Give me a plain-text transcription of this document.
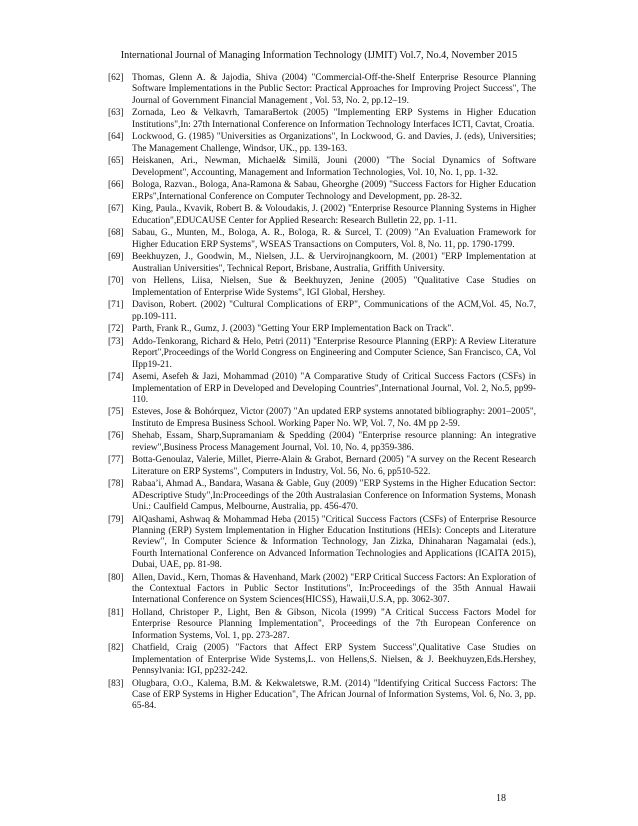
International Journal of Managing Information Technology (IJMIT) Vol.7, No.4, November 2015
[62] Thomas, Glenn A. & Jajodia, Shiva (2004) "Commercial-Off-the-Shelf Enterprise Resource Planning Software Implementations in the Public Sector: Practical Approaches for Improving Project Success", The Journal of Government Financial Management , Vol. 53, No. 2, pp.12–19.
[63] Zornada, Leo & Velkavrh, TamaraBertok (2005) "Implementing ERP Systems in Higher Education Institutions",In: 27th International Conference on Information Technology Interfaces ICTI, Cavtat, Croatia.
[64] Lockwood, G. (1985) "Universities as Organizations", In Lockwood, G. and Davies, J. (eds), Universities; The Management Challenge, Windsor, UK., pp. 139-163.
[65] Heiskanen, Ari., Newman, Michael& Similä, Jouni (2000) "The Social Dynamics of Software Development", Accounting, Management and Information Technologies, Vol. 10, No. 1, pp. 1-32.
[66] Bologa, Razvan., Bologa, Ana-Ramona & Sabau, Gheorghe (2009) "Success Factors for Higher Education ERPs",International Conference on Computer Technology and Development, pp. 28-32.
[67] King, Paula., Kvavik, Robert B. & Voloudakis, J. (2002) "Enterprise Resource Planning Systems in Higher Education",EDUCAUSE Center for Applied Research: Research Bulletin 22, pp. 1-11.
[68] Sabau, G., Munten, M., Bologa, A. R., Bologa, R. & Surcel, T. (2009) "An Evaluation Framework for Higher Education ERP Systems", WSEAS Transactions on Computers, Vol. 8, No. 11, pp. 1790-1799.
[69] Beekhuyzen, J., Goodwin, M., Nielsen, J.L. & Uervirojnangkoorn, M. (2001) "ERP Implementation at Australian Universities", Technical Report, Brisbane, Australia, Griffith University.
[70] von Hellens, Liisa, Nielsen, Sue & Beekhuyzen, Jenine (2005) "Qualitative Case Studies on Implementation of Enterprise Wide Systems", IGI Global, Hershey.
[71] Davison, Robert. (2002) "Cultural Complications of ERP", Communications of the ACM,Vol. 45, No.7, pp.109-111.
[72] Parth, Frank R., Gumz, J. (2003) "Getting Your ERP Implementation Back on Track".
[73] Addo-Tenkorang, Richard & Helo, Petri (2011) "Enterprise Resource Planning (ERP): A Review Literature Report",Proceedings of the World Congress on Engineering and Computer Science, San Francisco, CA, Vol IIpp19-21.
[74] Asemi, Asefeh & Jazi, Mohammad (2010) "A Comparative Study of Critical Success Factors (CSFs) in Implementation of ERP in Developed and Developing Countries",International Journal, Vol. 2, No.5, pp99-110.
[75] Esteves, Jose & Bohórquez, Victor (2007) "An updated ERP systems annotated bibliography: 2001–2005", Instituto de Empresa Business School. Working Paper No. WP, Vol. 7, No. 4M pp 2-59.
[76] Shehab, Essam, Sharp,Supramaniam & Spedding (2004) "Enterprise resource planning: An integrative review",Business Process Management Journal, Vol. 10, No. 4, pp359-386.
[77] Botta-Genoulaz, Valerie, Millet, Pierre-Alain & Grabot, Bernard (2005) "A survey on the Recent Research Literature on ERP Systems", Computers in Industry, Vol. 56, No. 6, pp510-522.
[78] Rabaa’i, Ahmad A., Bandara, Wasana & Gable, Guy (2009) "ERP Systems in the Higher Education Sector: ADescriptive Study",In:Proceedings of the 20th Australasian Conference on Information Systems, Monash Uni.: Caulfield Campus, Melbourne, Australia, pp. 456-470.
[79] AlQashami, Ashwaq & Mohammad Heba (2015) "Critical Success Factors (CSFs) of Enterprise Resource Planning (ERP) System Implementation in Higher Education Institutions (HEIs): Concepts and Literature Review", In Computer Science & Information Technology, Jan Zizka, Dhinaharan Nagamalai (eds.), Fourth International Conference on Advanced Information Technologies and Applications (ICAITA 2015), Dubai, UAE, pp. 81-98.
[80] Allen, David., Kern, Thomas & Havenhand, Mark (2002) "ERP Critical Success Factors: An Exploration of the Contextual Factors in Public Sector Institutions", In:Proceedings of the 35th Annual Hawaii International Conference on System Sciences(HICSS), Hawaii,U.S.A, pp. 3062-307.
[81] Holland, Christoper P., Light, Ben & Gibson, Nicola (1999) "A Critical Success Factors Model for Enterprise Resource Planning Implementation", Proceedings of the 7th European Conference on Information Systems, Vol. 1, pp. 273-287.
[82] Chatfield, Craig (2005) "Factors that Affect ERP System Success",Qualitative Case Studies on Implementation of Enterprise Wide Systems,L. von Hellens,S. Nielsen, & J. Beekhuyzen,Eds.Hershey, Pennsylvania: IGI, pp232-242.
[83] Olugbara, O.O., Kalema, B.M. & Kekwaletswe, R.M. (2014) "Identifying Critical Success Factors: The Case of ERP Systems in Higher Education", The African Journal of Information Systems, Vol. 6, No. 3, pp. 65-84.
18
